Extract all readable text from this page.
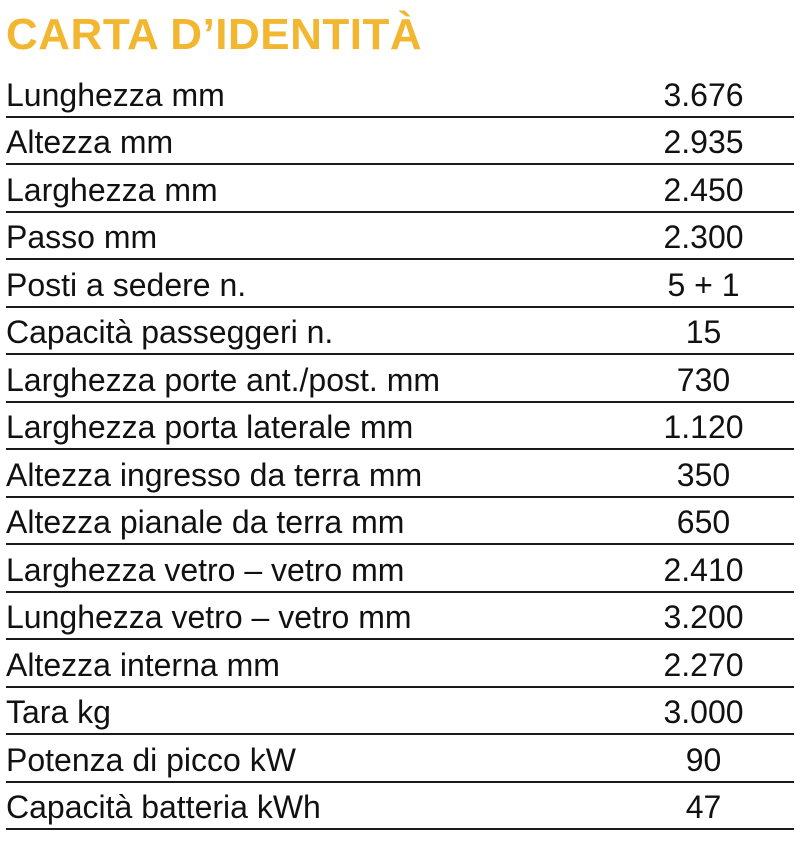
CARTA D’IDENTITÀ
Lunghezza mm	3.676
Altezza mm	2.935
Larghezza mm	2.450
Passo mm	2.300
Posti a sedere n.	5 + 1
Capacità passeggeri n.	15
Larghezza porte ant./post. mm	730
Larghezza porta laterale mm	1.120
Altezza ingresso da terra mm	350
Altezza pianale da terra mm	650
Larghezza vetro – vetro mm	2.410
Lunghezza vetro – vetro mm	3.200
Altezza interna mm	2.270
Tara kg	3.000
Potenza di picco kW	90
Capacità batteria kWh	47
